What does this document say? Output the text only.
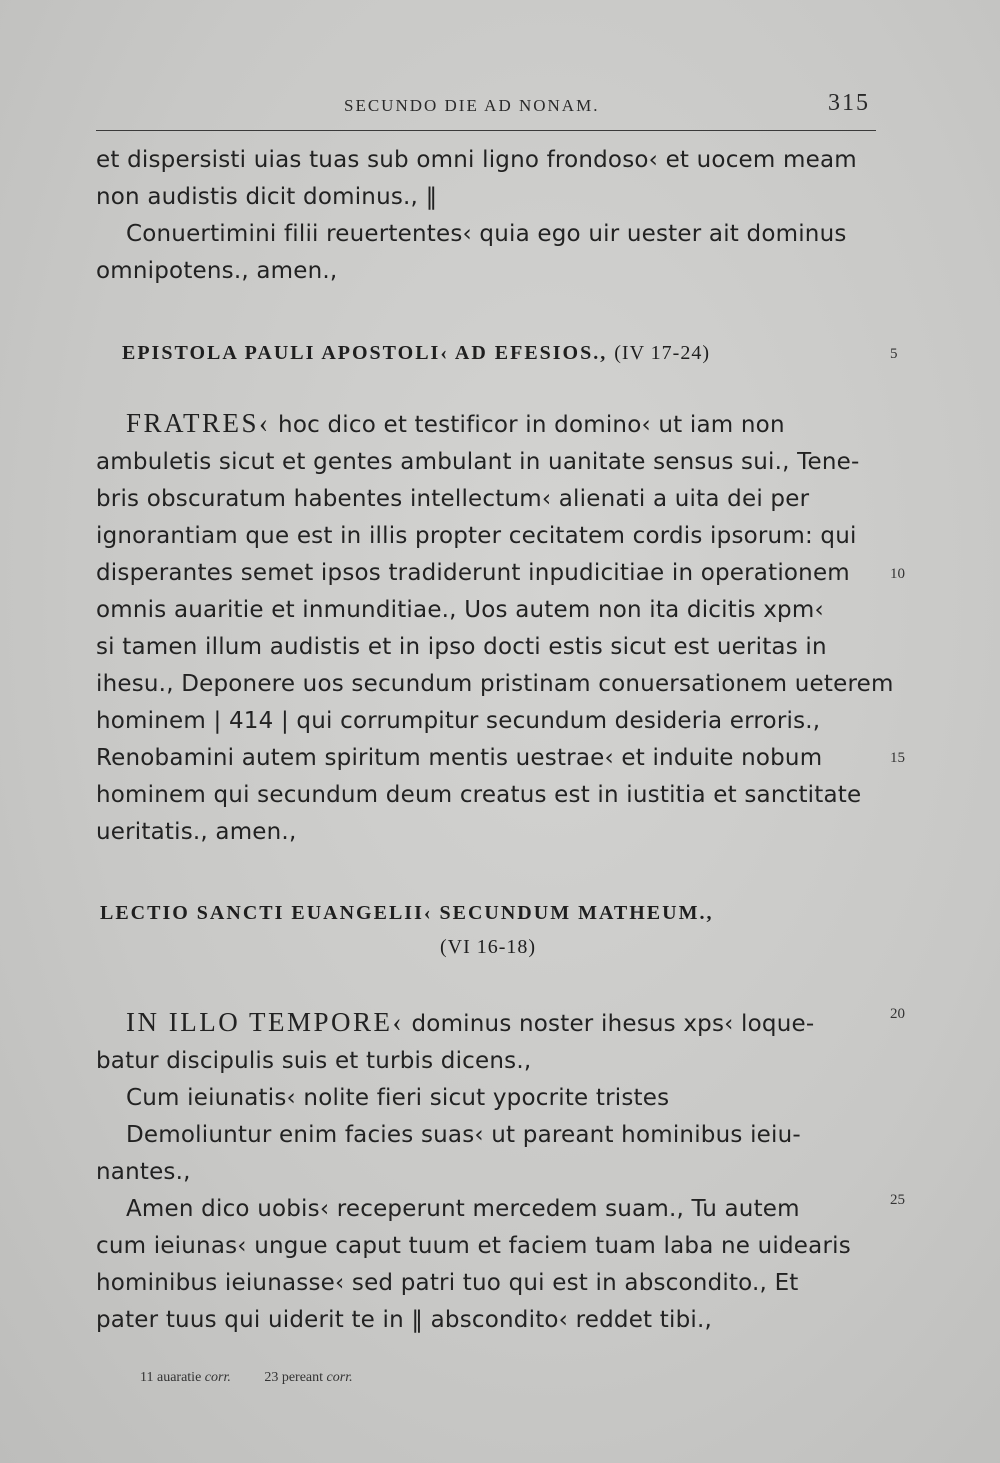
SECUNDO DIE AD NONAM.	315

et dispersisti uias tuas sub omni ligno frondoso‹ et uocem meam
non audistis dicit dominus., ‖

Conuertimini filii reuertentes‹ quia ego uir uester ait dominus
omnipotens., amen.,

EPISTOLA PAULI APOSTOLI‹ AD EFESIOS., (IV 17-24)	5

FRATRES‹ hoc dico et testificor in domino‹ ut iam non
ambuletis sicut et gentes ambulant in uanitate sensus sui., Tene-
bris obscuratum habentes intellectum‹ alienati a uita dei per
ignorantiam que est in illis propter cecitatem cordis ipsorum: qui
disperantes semet ipsos tradiderunt inpudicitiae in operationem
omnis auaritie et inmunditiae., Uos autem non ita dicitis xpm‹
si tamen illum audistis et in ipso docti estis sicut est ueritas in
ihesu., Deponere uos secundum pristinam conuersationem ueterem
hominem | 414 | qui corrumpitur secundum desideria erroris.,
Renobamini autem spiritum mentis uestrae‹ et induite nobum
hominem qui secundum deum creatus est in iustitia et sanctitate
ueritatis., amen.,

10
15
LECTIO SANCTI EUANGELII‹ SECUNDUM MATHEUM.,
(VI 16-18)

IN ILLO TEMPORE‹ dominus noster ihesus xps‹ loque-
batur discipulis suis et turbis dicens.,

Cum ieiunatis‹ nolite fieri sicut ypocrite tristes

Demoliuntur enim facies suas‹ ut pareant hominibus ieiu-
nantes.,

Amen dico uobis‹ receperunt mercedem suam., Tu autem
cum ieiunas‹ ungue caput tuum et faciem tuam laba ne uidearis
hominibus ieiunasse‹ sed patri tuo qui est in abscondito., Et
pater tuus qui uiderit te in ‖ abscondito‹ reddet tibi.,

20
25
11 auaratie corr. 23 pereant corr.
